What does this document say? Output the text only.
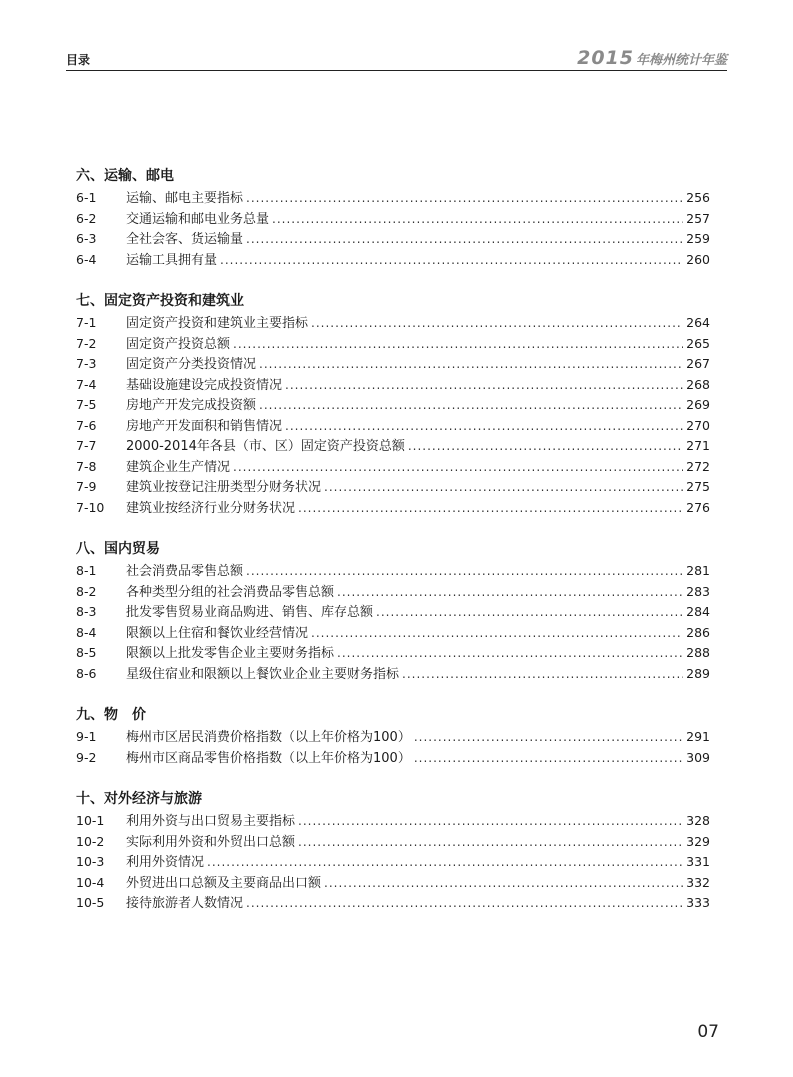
目录	2015 年梅州统计年鉴
六、运输、邮电
6-1	运输、邮电主要指标 .....	256
6-2	交通运输和邮电业务总量 .....	257
6-3	全社会客、货运输量 .....	259
6-4	运输工具拥有量 .....	260
七、固定资产投资和建筑业
7-1	固定资产投资和建筑业主要指标 .....	264
7-2	固定资产投资总额 .....	265
7-3	固定资产分类投资情况 .....	267
7-4	基础设施建设完成投资情况 .....	268
7-5	房地产开发完成投资额 .....	269
7-6	房地产开发面积和销售情况 .....	270
7-7	2000-2014年各县（市、区）固定资产投资总额 .....	271
7-8	建筑企业生产情况 .....	272
7-9	建筑业按登记注册类型分财务状况 .....	275
7-10	建筑业按经济行业分财务状况 .....	276
八、国内贸易
8-1	社会消费品零售总额 .....	281
8-2	各种类型分组的社会消费品零售总额 .....	283
8-3	批发零售贸易业商品购进、销售、库存总额 .....	284
8-4	限额以上住宿和餐饮业经营情况 .....	286
8-5	限额以上批发零售企业主要财务指标 .....	288
8-6	星级住宿业和限额以上餐饮业企业主要财务指标 .....	289
九、物　价
9-1	梅州市区居民消费价格指数（以上年价格为100） .....	291
9-2	梅州市区商品零售价格指数（以上年价格为100） .....	309
十、对外经济与旅游
10-1	利用外资与出口贸易主要指标 .....	328
10-2	实际利用外资和外贸出口总额 .....	329
10-3	利用外资情况 .....	331
10-4	外贸进出口总额及主要商品出口额 .....	332
10-5	接待旅游者人数情况 .....	333
07
